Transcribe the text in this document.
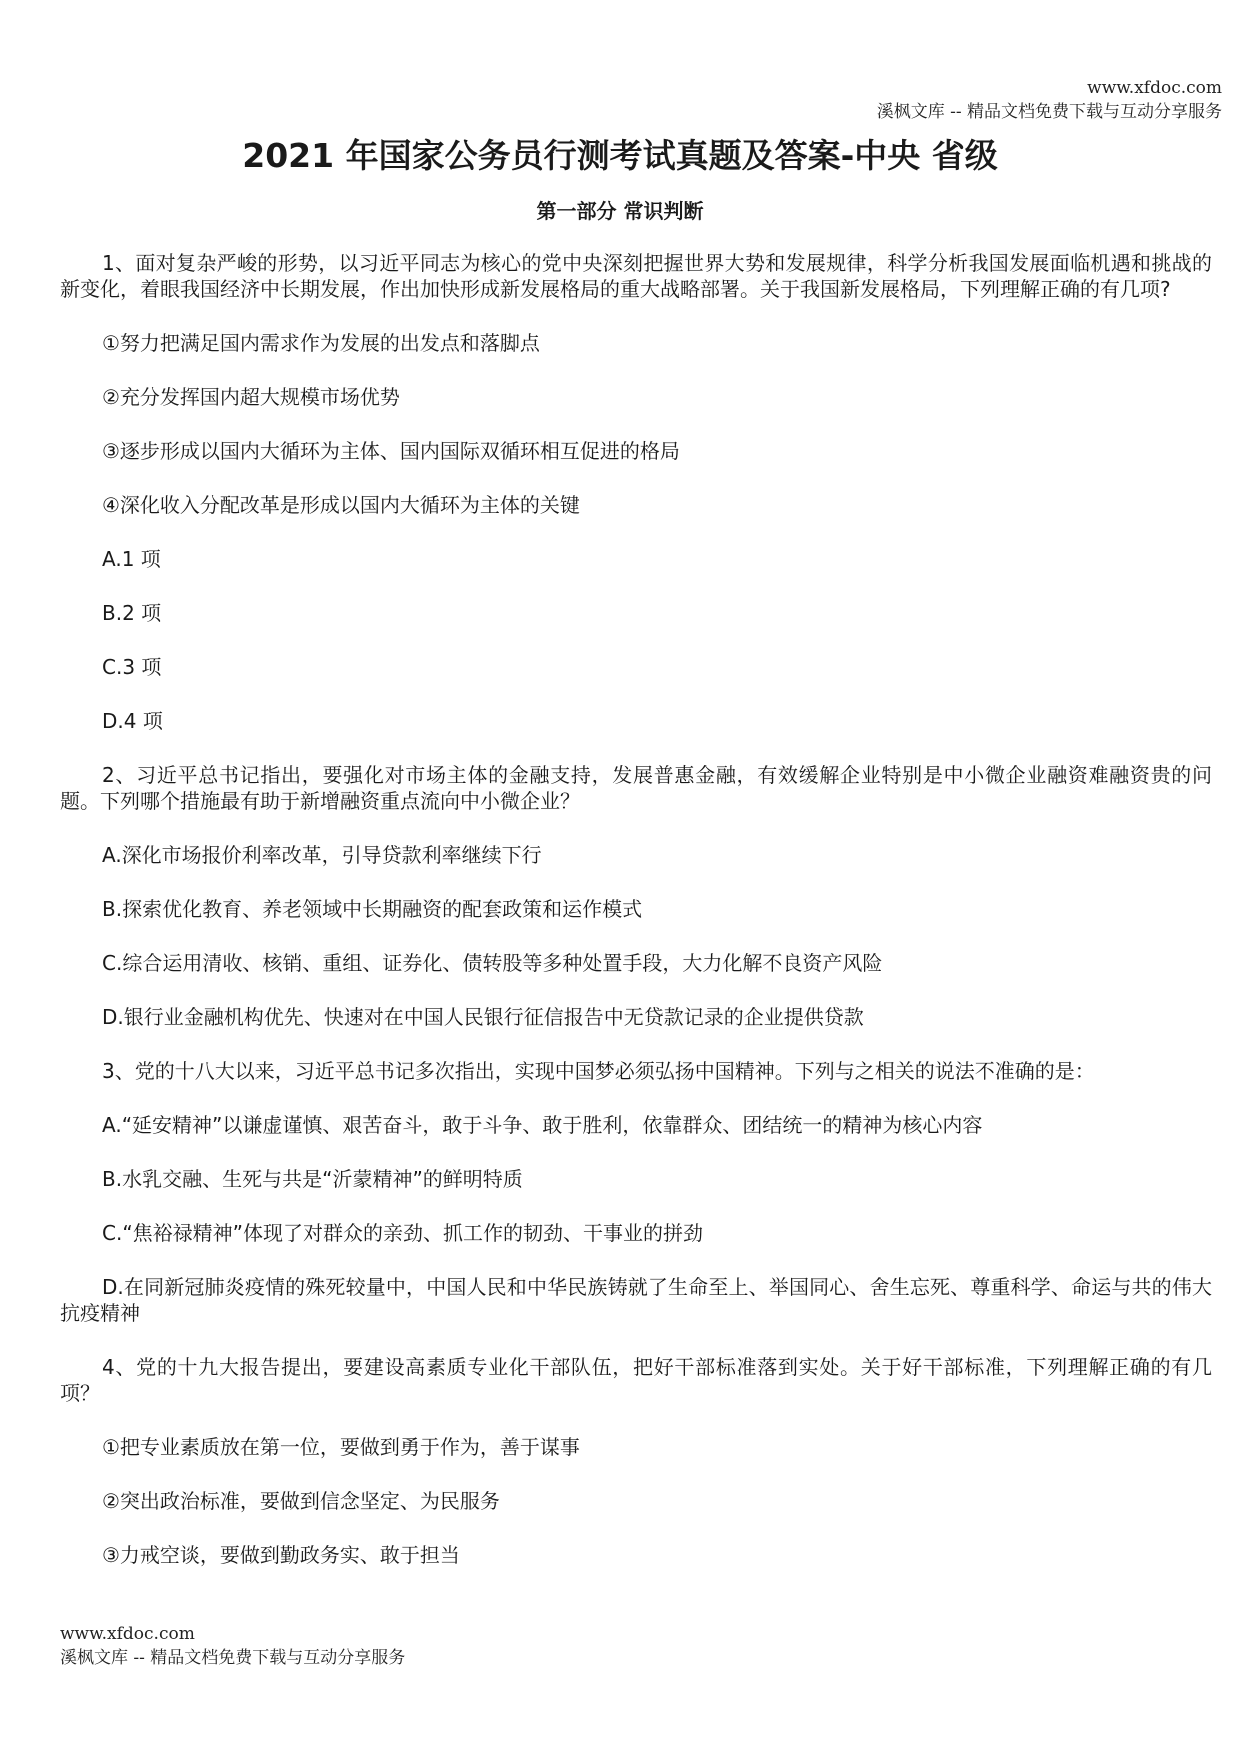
www.xfdoc.com
溪枫文库 -- 精品文档免费下载与互动分享服务
2021 年国家公务员行测考试真题及答案-中央 省级
第一部分 常识判断

1、面对复杂严峻的形势，以习近平同志为核心的党中央深刻把握世界大势和发展规律，科学分析我国发展面临机遇和挑战的新变化，着眼我国经济中长期发展，作出加快形成新发展格局的重大战略部署。关于我国新发展格局，下列理解正确的有几项?

①努力把满足国内需求作为发展的出发点和落脚点

②充分发挥国内超大规模市场优势

③逐步形成以国内大循环为主体、国内国际双循环相互促进的格局

④深化收入分配改革是形成以国内大循环为主体的关键

A.1 项

B.2 项

C.3 项

D.4 项

2、习近平总书记指出，要强化对市场主体的金融支持，发展普惠金融，有效缓解企业特别是中小微企业融资难融资贵的问题。下列哪个措施最有助于新增融资重点流向中小微企业？

A.深化市场报价利率改革，引导贷款利率继续下行

B.探索优化教育、养老领域中长期融资的配套政策和运作模式

C.综合运用清收、核销、重组、证券化、债转股等多种处置手段，大力化解不良资产风险

D.银行业金融机构优先、快速对在中国人民银行征信报告中无贷款记录的企业提供贷款

3、党的十八大以来，习近平总书记多次指出，实现中国梦必须弘扬中国精神。下列与之相关的说法不准确的是：

A.“延安精神”以谦虚谨慎、艰苦奋斗，敢于斗争、敢于胜利，依靠群众、团结统一的精神为核心内容

B.水乳交融、生死与共是“沂蒙精神”的鲜明特质

C.“焦裕禄精神”体现了对群众的亲劲、抓工作的韧劲、干事业的拼劲

D.在同新冠肺炎疫情的殊死较量中，中国人民和中华民族铸就了生命至上、举国同心、舍生忘死、尊重科学、命运与共的伟大抗疫精神

4、党的十九大报告提出，要建设高素质专业化干部队伍，把好干部标准落到实处。关于好干部标准，下列理解正确的有几项？

①把专业素质放在第一位，要做到勇于作为，善于谋事

②突出政治标准，要做到信念坚定、为民服务

③力戒空谈，要做到勤政务实、敢于担当

www.xfdoc.com
溪枫文库 -- 精品文档免费下载与互动分享服务
